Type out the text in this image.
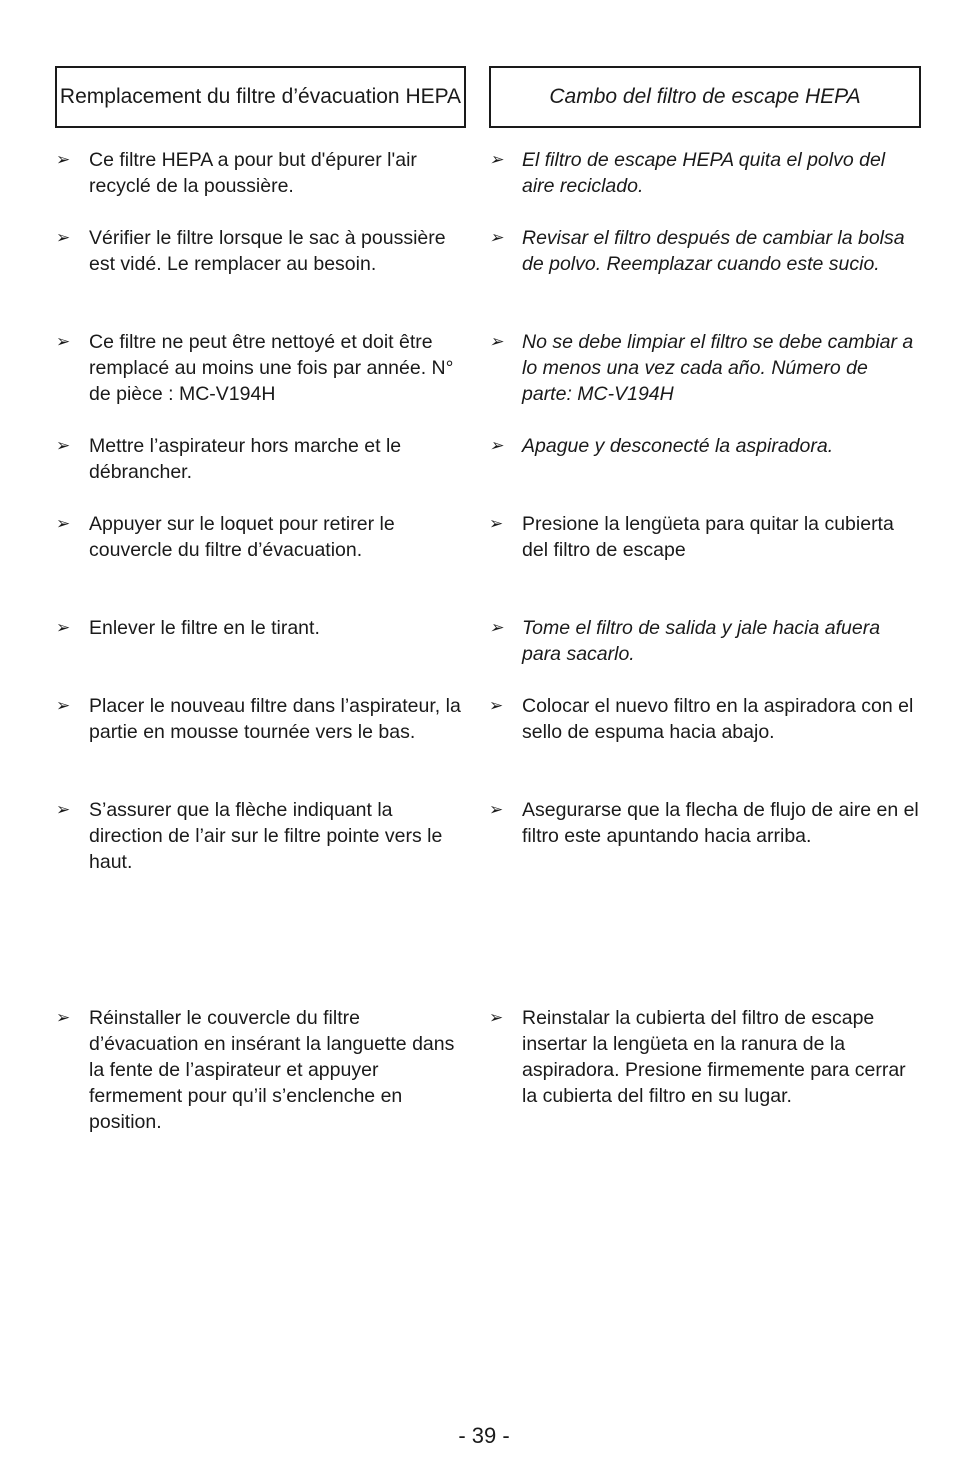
Remplacement du filtre d’évacuation HEPA	Cambo del filtro de escape HEPA
➢ Ce filtre HEPA a pour but d'épurer l'air recyclé de la poussière.
➢ Vérifier le filtre lorsque le sac à poussière est vidé. Le remplacer au besoin.
➢ Ce filtre ne peut être nettoyé et doit être remplacé au moins une fois par année. N° de pièce : MC-V194H
➢ Mettre l’aspirateur hors marche et le débrancher.
➢ Appuyer sur le loquet pour retirer le couvercle du filtre d’évacuation.
➢ Enlever le filtre en le tirant.
➢ Placer le nouveau filtre dans l’aspirateur, la partie en mousse tournée vers le bas.
➢ S’assurer que la flèche indiquant la direction de l’air sur le filtre pointe vers le haut.
➢ Réinstaller le couvercle du filtre d’évacuation en insérant la languette dans la fente de l’aspirateur et appuyer fermement pour qu’il s’enclenche en position.
➢ El filtro de escape HEPA quita el polvo del aire reciclado.
➢ Revisar el filtro después de cambiar la bolsa de polvo. Reemplazar cuando este sucio.
➢ No se debe limpiar el filtro se debe cambiar a lo menos una vez cada año. Número de parte: MC-V194H
➢ Apague y desconecté la aspiradora.
➢ Presione la lengüeta para quitar la cubierta del filtro de escape
➢ Tome el filtro de salida y jale hacia afuera para sacarlo.
➢ Colocar el nuevo filtro en la aspiradora con el sello de espuma hacia abajo.
➢ Asegurarse que la flecha de flujo de aire en el filtro este apuntando hacia arriba.
➢ Reinstalar la cubierta del filtro de escape insertar la lengüeta en la ranura de la aspiradora. Presione firmemente para cerrar la cubierta del filtro en su lugar.
- 39 -
